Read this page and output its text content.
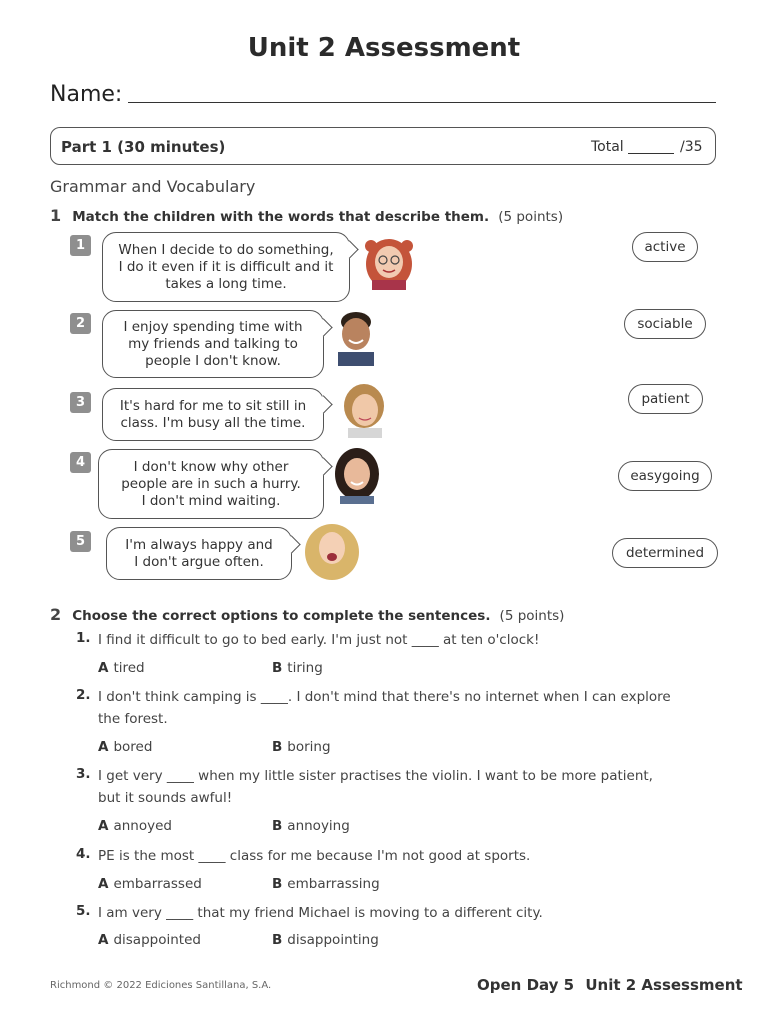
Unit 2 Assessment
Name:
Part 1 (30 minutes)	Total	/35
Grammar and Vocabulary
1 Match the children with the words that describe them. (5 points)
1	When I decide to do something,
I do it even if it is difficult and it
takes a long time.
active
2	I enjoy spending time with
my friends and talking to
people I don't know.
sociable
3	It's hard for me to sit still in
class. I'm busy all the time.
patient
4	I don't know why other
people are in such a hurry.
I don't mind waiting.
easygoing
5	I'm always happy and
I don't argue often.
determined
2 Choose the correct options to complete the sentences. (5 points)
1. I find it difficult to go to bed early. I'm just not ____ at ten o'clock!
A tired	B tiring
2. I don't think camping is ____. I don't mind that there's no internet when I can explore
the forest.
A bored	B boring
3. I get very ____ when my little sister practises the violin. I want to be more patient,
but it sounds awful!
A annoyed	B annoying
4. PE is the most ____ class for me because I'm not good at sports.
A embarrassed	B embarrassing
5. I am very ____ that my friend Michael is moving to a different city.
A disappointed	B disappointing
Richmond © 2022 Ediciones Santillana, S.A.	Open Day 5 Unit 2 Assessment
